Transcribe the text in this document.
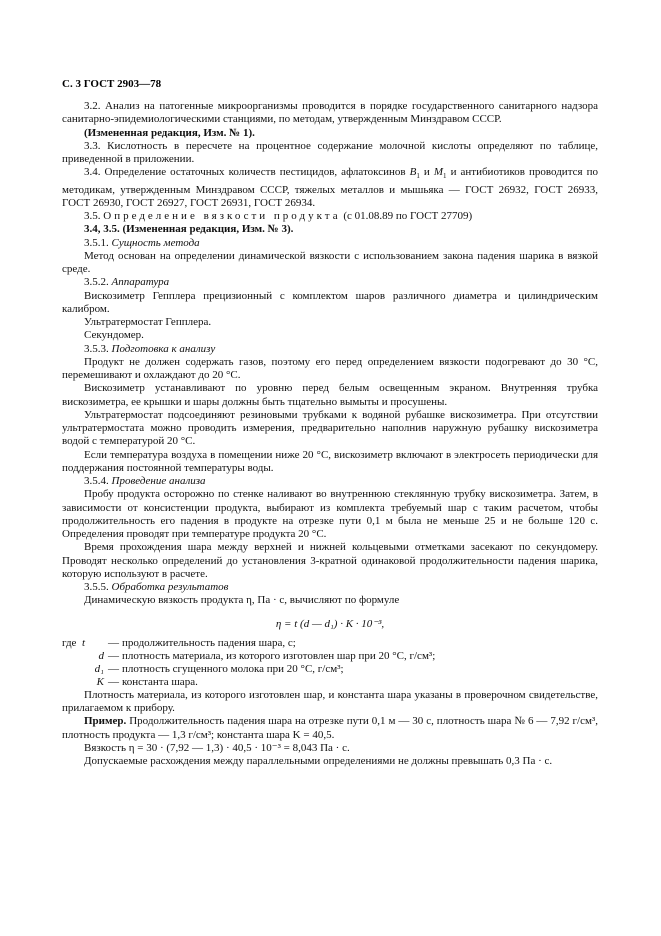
С. 3 ГОСТ 2903—78

3.2. Анализ на патогенные микроорганизмы проводится в порядке государственного санитарного надзора санитарно-эпидемиологическими станциями, по методам, утвержденным Минздравом СССР.

(Измененная редакция, Изм. № 1).

3.3. Кислотность в пересчете на процентное содержание молочной кислоты определяют по таблице, приведенной в приложении.

3.4. Определение остаточных количеств пестицидов, афлатоксинов $B_1$ и $M_1$ и антибиотиков проводится по методикам, утвержденным Минздравом СССР, тяжелых металлов и мышьяка — ГОСТ 26932, ГОСТ 26933, ГОСТ 26930, ГОСТ 26927, ГОСТ 26931, ГОСТ 26934.

3.5. Определение вязкости продукта (с 01.08.89 по ГОСТ 27709)

3.4, 3.5. (Измененная редакция, Изм. № 3).

3.5.1. Сущность метода

Метод основан на определении динамической вязкости с использованием закона падения шарика в вязкой среде.

3.5.2. Аппаратура

Вискозиметр Гепплера прецизионный с комплектом шаров различного диаметра и цилиндрическим калибром.

Ультратермостат Гепплера.

Секундомер.

3.5.3. Подготовка к анализу

Продукт не должен содержать газов, поэтому его перед определением вязкости подогревают до 30 °С, перемешивают и охлаждают до 20 °С.

Вискозиметр устанавливают по уровню перед белым освещенным экраном. Внутренняя трубка вискозиметра, ее крышки и шары должны быть тщательно вымыты и просушены.

Ультратермостат подсоединяют резиновыми трубками к водяной рубашке вискозиметра. При отсутствии ультратермостата можно проводить измерения, предварительно наполнив наружную рубашку вискозиметра водой с температурой 20 °С.

Если температура воздуха в помещении ниже 20 °С, вискозиметр включают в электросеть периодически для поддержания постоянной температуры воды.

3.5.4. Проведение анализа

Пробу продукта осторожно по стенке наливают во внутреннюю стеклянную трубку вискозиметра. Затем, в зависимости от консистенции продукта, выбирают из комплекта требуемый шар с таким расчетом, чтобы продолжительность его падения в продукте на отрезке пути 0,1 м была не меньше 25 и не больше 120 с. Определения проводят при температуре продукта 20 °С.

Время прохождения шара между верхней и нижней кольцевыми отметками засекают по секундомеру. Проводят несколько определений до установления 3-кратной одинаковой продолжительности падения шарика, которую используют в расчете.

3.5.5. Обработка результатов

Динамическую вязкость продукта η, Па · с, вычисляют по формуле

η = t (d — d₁) · K · 10⁻³,
где t	— продолжительность падения шара, с;
d — плотность материала, из которого изготовлен шар при 20 °С, г/см³;
d₁ — плотность сгущенного молока при 20 °С, г/см³;
K — константа шара.

Плотность материала, из которого изготовлен шар, и константа шара указаны в проверочном свидетельстве, прилагаемом к прибору.

Пример. Продолжительность падения шара на отрезке пути 0,1 м — 30 с, плотность шара № 6 — 7,92 г/см³, плотность продукта — 1,3 г/см³; константа шара K = 40,5.

Вязкость η = 30 · (7,92 — 1,3) · 40,5 · 10⁻³ = 8,043 Па · с.

Допускаемые расхождения между параллельными определениями не должны превышать 0,3 Па · с.
